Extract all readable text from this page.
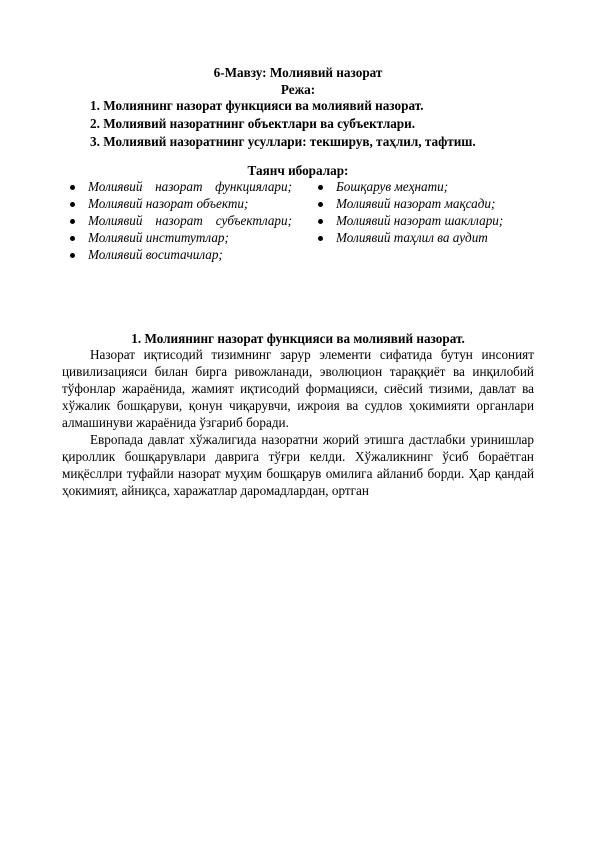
6-Мавзу: Молиявий назорат
Режа:
1. Молиянинг назорат функцияси ва молиявий назорат.
2. Молиявий назоратнинг объектлари ва субъектлари.
3. Молиявий назоратнинг усуллари: текширув, таҳлил, тафтиш.
Таянч иборалар:
Молиявий назорат функциялари;
Молиявий назорат объекти;
Молиявий назорат субъектлари;
Молиявий институтлар;
Молиявий воситачилар;
Бошқарув меҳнати;
Молиявий назорат мақсади;
Молиявий назорат шакллари;
Молиявий таҳлил ва аудит
1. Молиянинг назорат функцияси ва молиявий назорат.

Назорат иқтисодий тизимнинг зарур элементи сифатида бутун инсоният цивилизацияси билан бирга ривожланади, эволюцион тараққиёт ва инқилобий тўфонлар жараёнида, жамият иқтисодий формацияси, сиёсий тизими, давлат ва хўжалик бошқаруви, қонун чиқарувчи, ижроия ва судлов ҳокимияти органлари алмашинуви жараёнида ўзгариб боради.

Европада давлат хўжалигида назоратни жорий этишга дастлабки уринишлар қироллик бошқарувлари даврига тўғри келди. Хўжаликнинг ўсиб бораётган миқёсллри туфайли назорат муҳим бошқарув омилига айланиб борди. Ҳар қандай ҳокимият, айниқса, харажатлар даромадлардан, ортган
